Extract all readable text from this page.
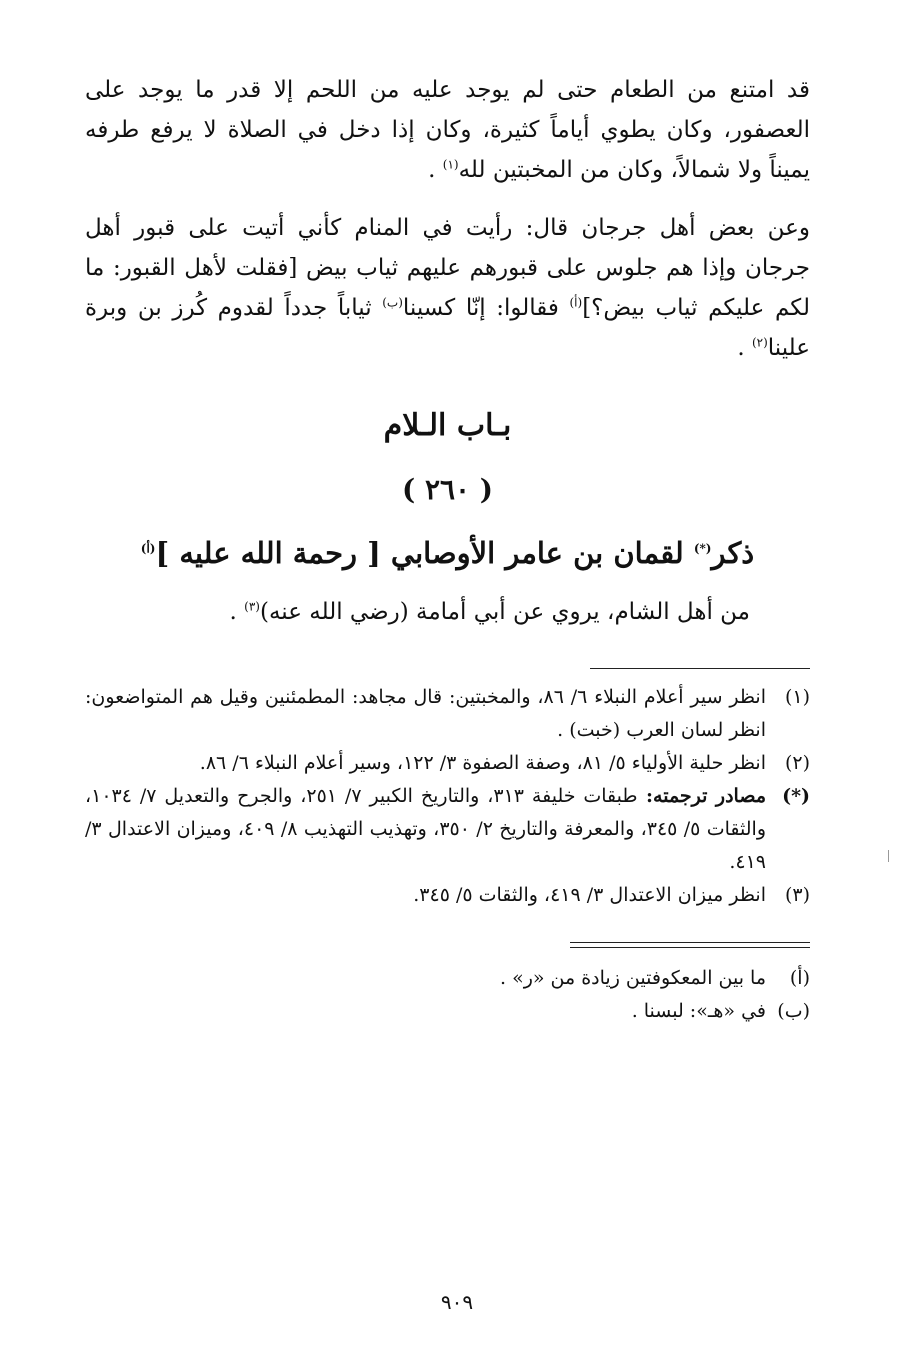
قد امتنع من الطعام حتى لم يوجد عليه من اللحم إلا قدر ما يوجد على العصفور، وكان يطوي أياماً كثيرة، وكان إذا دخل في الصلاة لا يرفع طرفه يميناً ولا شمالاً، وكان من المخبتين لله$^{(١)}$ .

وعن بعض أهل جرجان قال: رأيت في المنام كأني أتيت على قبور أهل جرجان وإذا هم جلوس على قبورهم عليهم ثياب بيض [فقلت لأهل القبور: ما لكم عليكم ثياب بيض؟]$^{(أ)}$ فقالوا: إنّا كسينا$^{(ب)}$ ثياباً جدداً لقدوم كُرز بن وبرة علينا$^{(٢)}$ .

بـاب الـلام
( ٢٦٠ )
ذكر(*) لقمان بن عامر الأوصابي [ رحمة الله عليه ]$^{(أ)}$
من أهل الشام، يروي عن أبي أمامة (رضي الله عنه)$^{(٣)}$ .
(١)
انظر سير أعلام النبلاء ٦/ ٨٦، والمخبتين: قال مجاهد: المطمئنين وقيل هم المتواضعون: انظر لسان العرب (خبت) .
(٢)
انظر حلية الأولياء ٥/ ٨١، وصفة الصفوة ٣/ ١٢٢، وسير أعلام النبلاء ٦/ ٨٦.
(*)
مصادر ترجمته: طبقات خليفة ٣١٣، والتاريخ الكبير ٧/ ٢٥١، والجرح والتعديل ٧/ ١٠٣٤، والثقات ٥/ ٣٤٥، والمعرفة والتاريخ ٢/ ٣٥٠، وتهذيب التهذيب ٨/ ٤٠٩، وميزان الاعتدال ٣/ ٤١٩.
(٣)
انظر ميزان الاعتدال ٣/ ٤١٩، والثقات ٥/ ٣٤٥.
(أ)
ما بين المعكوفتين زيادة من «ر» .
(ب)
في «هـ»: لبسنا .
٩٠٩
